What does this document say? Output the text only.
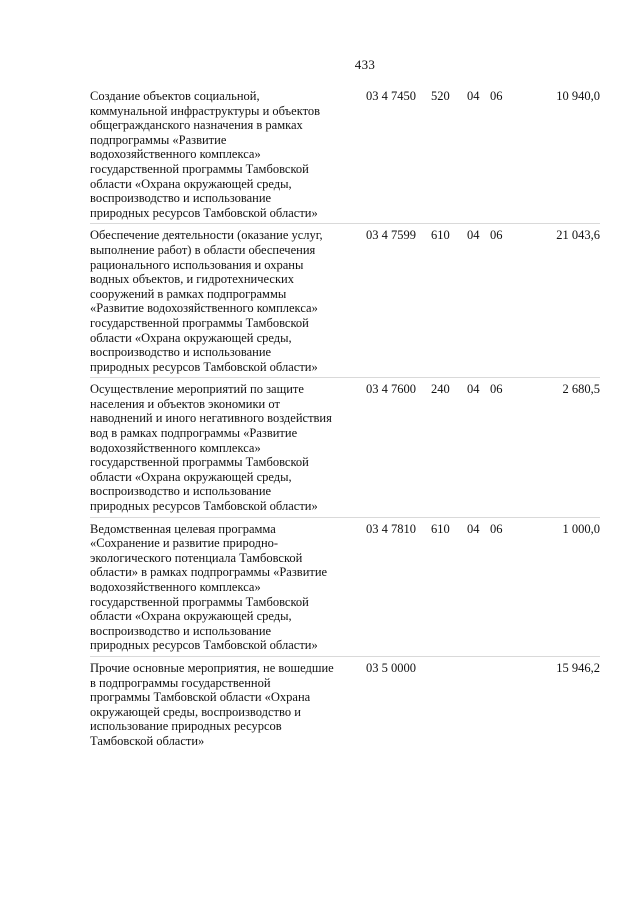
433
Создание объектов социальной,
коммунальной инфраструктуры и объектов
общегражданского назначения в рамках
подпрограммы «Развитие
водохозяйственного комплекса»
государственной программы Тамбовской
области «Охрана окружающей среды,
воспроизводство и использование
природных ресурсов Тамбовской области»
03 4 7450 520 04 06	10 940,0
Обеспечение деятельности (оказание услуг,
выполнение работ) в области обеспечения
рационального использования и охраны
водных объектов, и гидротехнических
сооружений в рамках подпрограммы
«Развитие водохозяйственного комплекса»
государственной программы Тамбовской
области «Охрана окружающей среды,
воспроизводство и использование
природных ресурсов Тамбовской области»
03 4 7599 610 04 06	21 043,6
Осуществление мероприятий по защите
населения и объектов экономики от
наводнений и иного негативного воздействия
вод в рамках подпрограммы «Развитие
водохозяйственного комплекса»
государственной программы Тамбовской
области «Охрана окружающей среды,
воспроизводство и использование
природных ресурсов Тамбовской области»
03 4 7600 240 04 06	2 680,5
Ведомственная целевая программа
«Сохранение и развитие природно-
экологического потенциала Тамбовской
области» в рамках подпрограммы «Развитие
водохозяйственного комплекса»
государственной программы Тамбовской
области «Охрана окружающей среды,
воспроизводство и использование
природных ресурсов Тамбовской области»
03 4 7810 610 04 06	1 000,0
Прочие основные мероприятия, не вошедшие
в подпрограммы государственной
программы Тамбовской области «Охрана
окружающей среды, воспроизводство и
использование природных ресурсов
Тамбовской области»
03 5 0000	15 946,2
